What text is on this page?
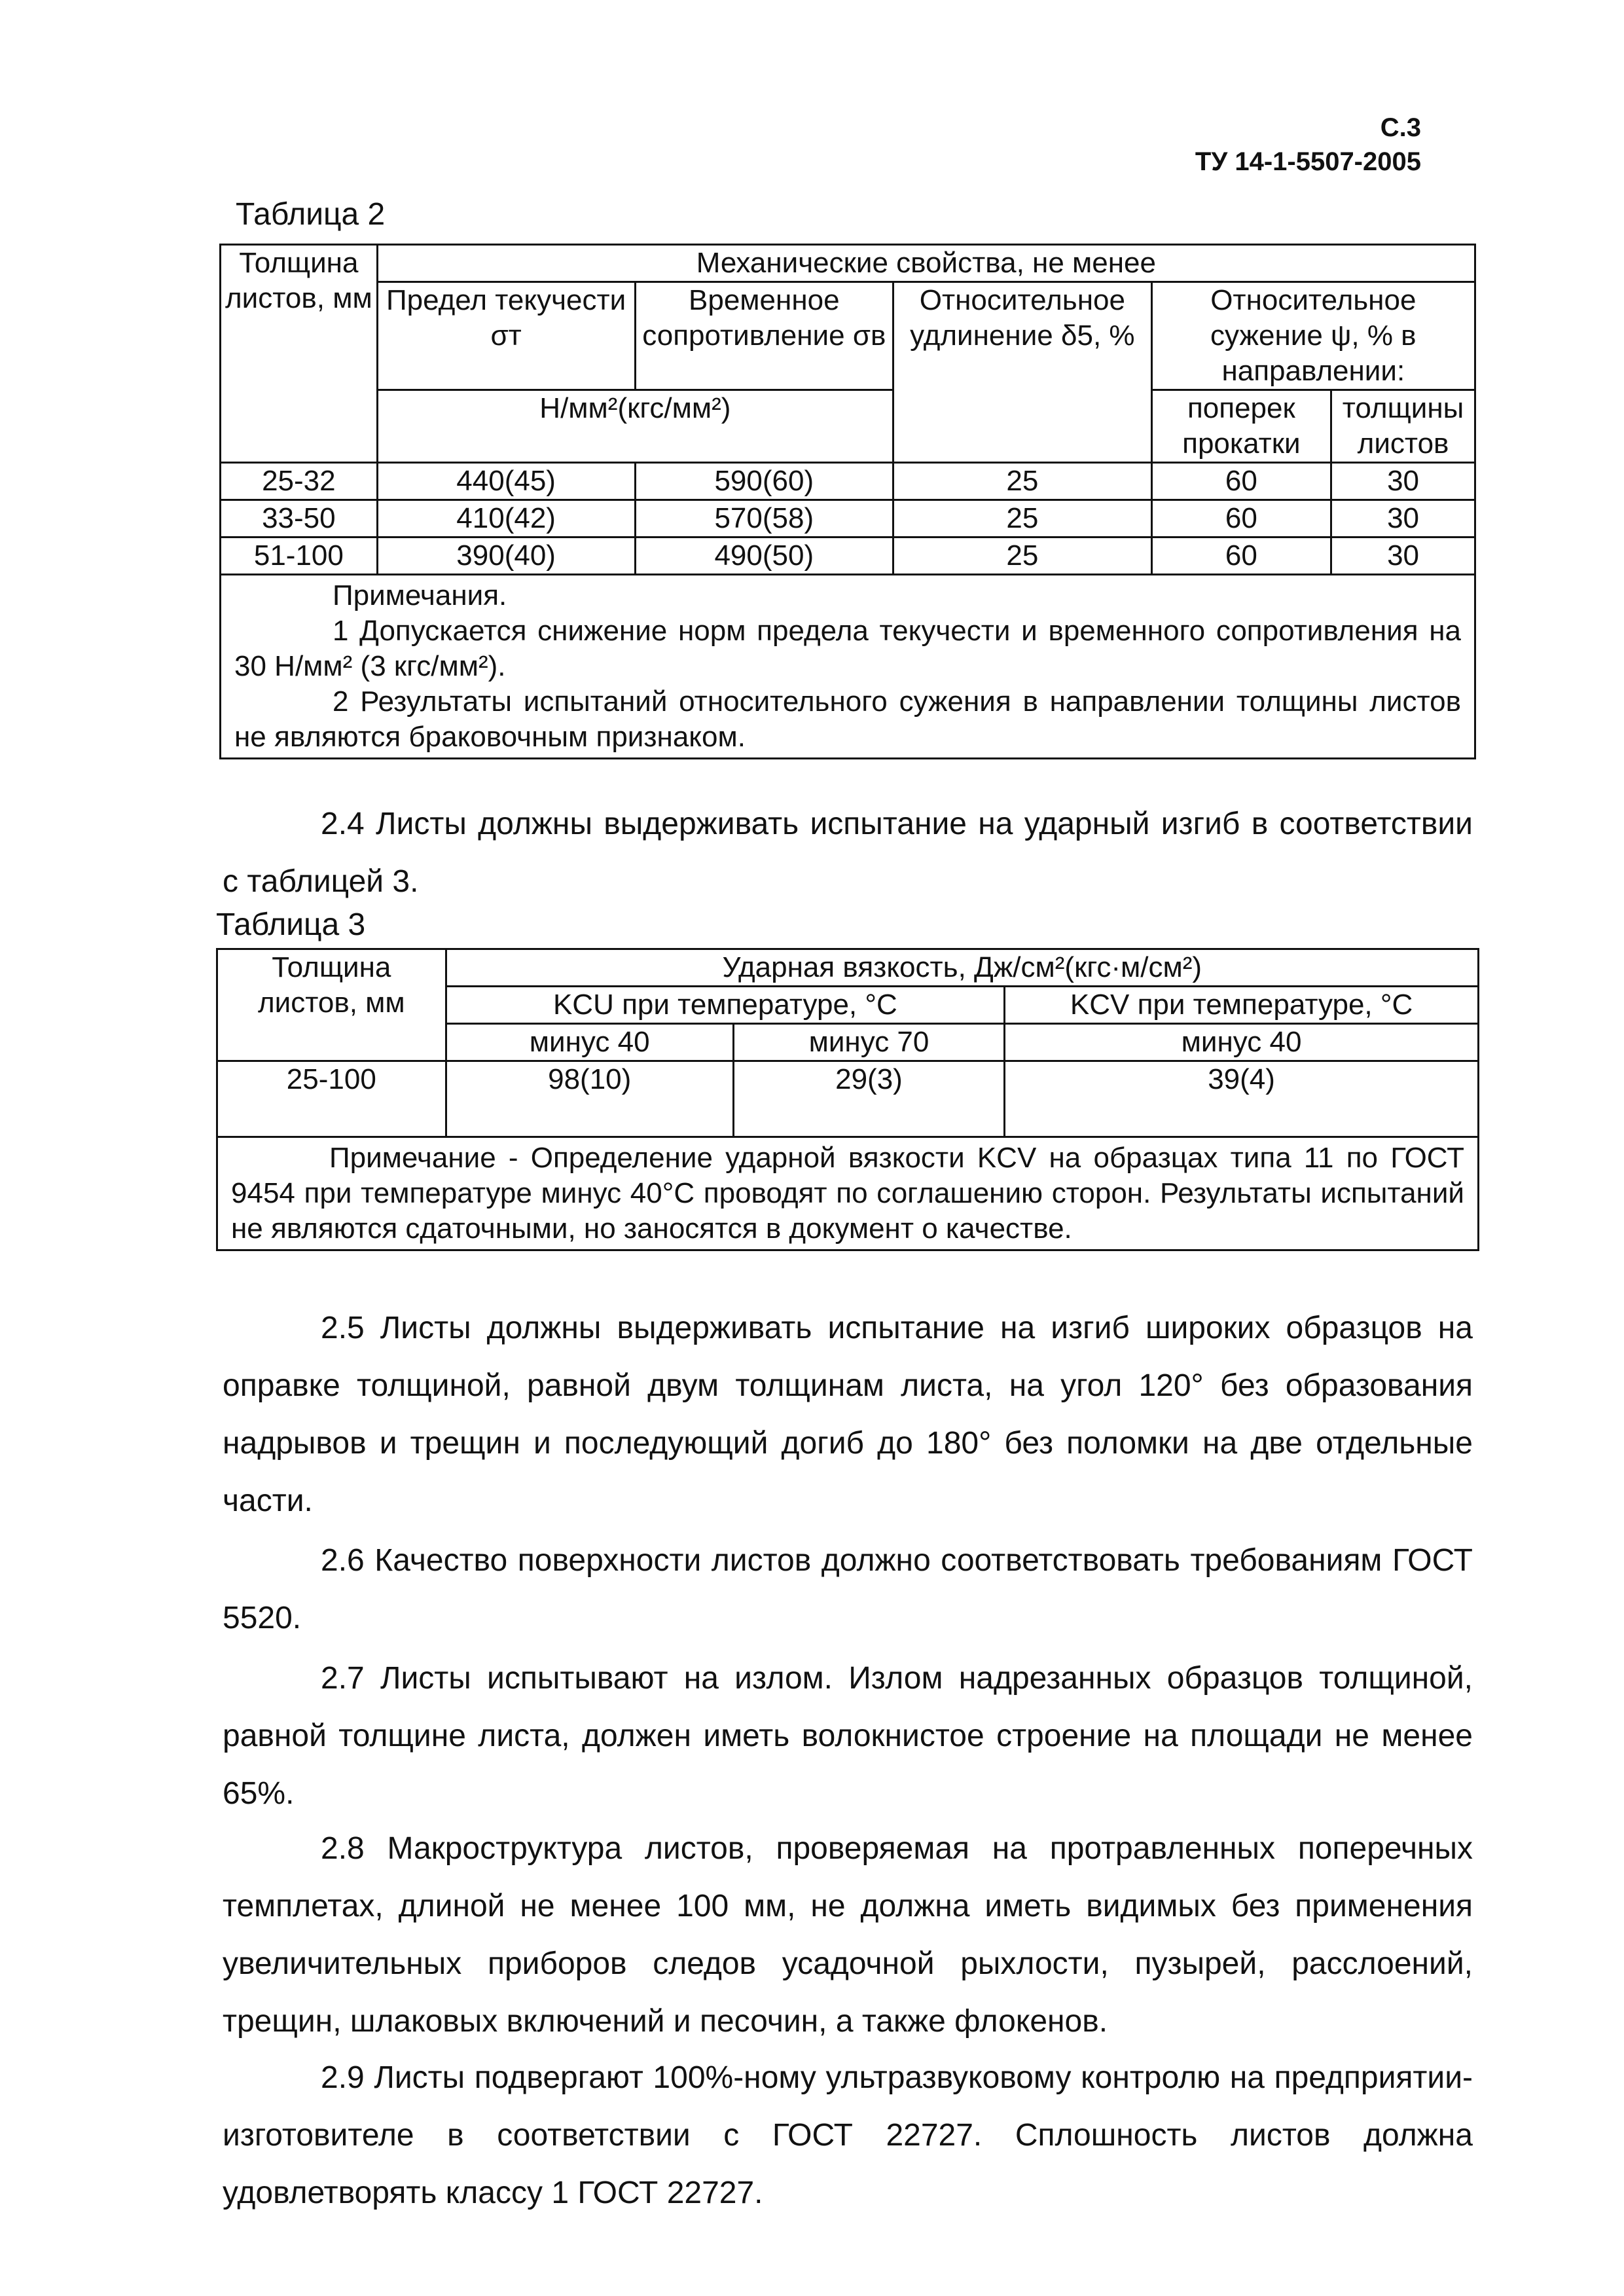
С.3
ТУ 14-1-5507-2005
Таблица 2
Толщина листов, мм	Механические свойства, не менее				
	Предел текучести σт	Временное сопротивление σв	Относительное удлинение δ5, %	Относительное сужение ψ, % в направлении:	
	Н/мм²(кгс/мм²)			поперек прокатки	толщины листов

25-32	440(45)	590(60)	25	60	30
33-50	410(42)	570(58)	25	60	30
51-100	390(40)	490(50)	25	60	30

Примечания.

1 Допускается снижение норм предела текучести и временного сопротивления на 30 Н/мм² (3 кгс/мм²).

2 Результаты испытаний относительного сужения в направлении толщины листов не являются браковочным признаком.					

2.4 Листы должны выдерживать испытание на ударный изгиб в соответствии с таблицей 3.
Таблица 3
Толщина листов, мм	Ударная вязкость, Дж/см²(кгс·м/см²)		
	KCU при температуре, °С		KCV при температуре, °С
	минус 40	минус 70	минус 40
25-100	98(10)	29(3)	39(4)

Примечание - Определение ударной вязкости KCV на образцах типа 11 по ГОСТ 9454 при температуре минус 40°С проводят по соглашению сторон. Результаты испытаний не являются сдаточными, но заносятся в документ о качестве.			

2.5 Листы должны выдерживать испытание на изгиб широких образцов на оправке толщиной, равной двум толщинам листа, на угол 120° без образования надрывов и трещин и последующий догиб до 180° без поломки на две отдельные части.
2.6 Качество поверхности листов должно соответствовать требованиям ГОСТ 5520.
2.7 Листы испытывают на излом. Излом надрезанных образцов толщиной, равной толщине листа, должен иметь волокнистое строение на площади не менее 65%.
2.8 Макроструктура листов, проверяемая на протравленных поперечных темплетах, длиной не менее 100 мм, не должна иметь видимых без применения увеличительных приборов следов усадочной рыхлости, пузырей, расслоений, трещин, шлаковых включений и песочин, а также флокенов.
2.9 Листы подвергают 100%-ному ультразвуковому контролю на предприятии-изготовителе в соответствии с ГОСТ 22727. Сплошность листов должна удовлетворять классу 1 ГОСТ 22727.
